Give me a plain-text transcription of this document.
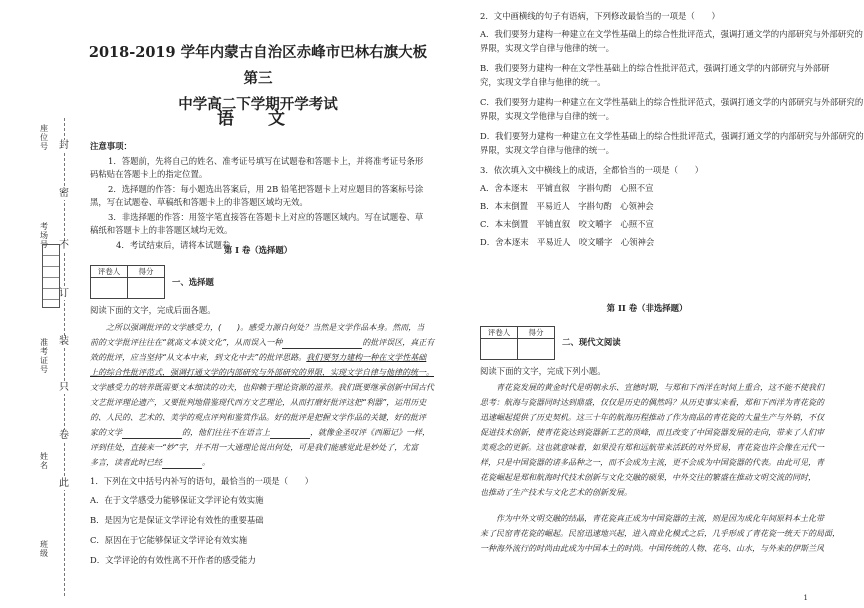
封
密
不
订
装
只
卷
此
座位号
考场号
准考证号
姓名
班级
2018-2019 学年内蒙古自治区赤峰市巴林右旗大板第三
中学高二下学期开学考试
语 文
注意事项：
1．答题前，先将自己的姓名、准考证号填写在试题卷和答题卡上，并将准考证号条形
码粘贴在答题卡上的指定位置。
2．选择题的作答：每小题选出答案后，用 2B 铅笔把答题卡上对应题目的答案标号涂
黑，写在试题卷、草稿纸和答题卡上的非答题区域均无效。
3．非选择题的作答：用签字笔直接答在答题卡上对应的答题区域内。写在试题卷、草
稿纸和答题卡上的非答题区域均无效。
4．考试结束后，请将本试题卷
第 I 卷（选择题）
评卷人	得分

一、选择题
阅读下面的文字，完成后面各题。
之所以强调批评的文学感受力，(　　)。感受力源自何处？当然是文学作品本身。然而，当
前的文学批评往往在“就高文本谈文化”，从而误入一种	的批评误区，真正有
效的批评，应当坚持“从文本中来，到文化中去”的批评思路。我们要努力建构一种在文学性基础
上的综合性批评范式，强调打通文学的内部研究与外部研究的界限，实现文学自律与他律的统一。
文学感受力的培养既需要文本细读的功夫，也仰赖于理论资源的滋养。我们既要继承创新中国古代
文艺批评理论遗产，又要批判地借鉴现代西方文艺理论，从而打磨好批评这把“利器”，运用历史
的、人民的、艺术的、美学的观点评判和鉴赏作品。好的批评是把握文学作品的关键，好的批评
家的文学	的，他们往往不在语言上	，就像金圣叹评《西厢记》一样，
评到佳处，直接来一“妙”字，并不用一大通理论说出何处，可是我们能感觉此是妙处了，尤富
多言，读者此时已经	。
1．下列在文中括号内补写的语句，最恰当的一项是（　　）
A．在于文学感受力能够保证文学评论有效实施
B．是因为它是保证文学评论有效性的重要基础
C．原因在于它能够保证文学评论有效实施
D．文学评论的有效性离不开作者的感受能力
2．文中画横线的句子有语病，下列修改最恰当的一项是（　　）
A．我们要努力建构一种建立在文学性基础上的综合性批评范式，强调打通文学的内部研究与外部研究的
界限，实现文学自律与他律的统一。
B．我们要努力建构一种在文学性基础上的综合性批评范式，强调打通文学的内部研究与外部研
究，实现文学自律与他律的统一。
C．我们要努力建构一种建立在文学性基础上的综合性批评范式，强调打通文学的内部研究与外部研究的
界限，实现文学他律与自律的统一。
D．我们要努力建构一种建立在文学性基础上的综合性批评范式，强调打通文学的内部研究与外部研究的
界限，实现文学自律与他律的统一。
3．依次填入文中横线上的成语，全都恰当的一项是（　　）
A．舍本逐末　平铺直叙　字斟句酌　心照不宣
B．本末倒置　平易近人　字斟句酌　心领神会
C．本末倒置　平铺直叙　咬文嚼字　心照不宣
D．舍本逐末　平易近人　咬文嚼字　心领神会
第 II 卷（非选择题）
评卷人	得分

二、现代文阅读
阅读下面的文字，完成下列小题。
青花瓷发展的黄金时代是明朝永乐、宣德时期，与郑和下西洋在时间上重合，这不能不使我们
思考：航海与瓷器同时达到鼎盛，仅仅是历史的偶然吗？从历史事实来看，郑和下西洋为青花瓷的
迅速崛起提供了历史契机。这三十年的航海历程推动了作为商品的青花瓷的大量生产与外销，不仅
促进技术创新，使青花瓷达到瓷器新工艺的顶峰，而且改变了中国瓷器发展的走向，带来了人们审
美观念的更新。这也就意味着，如果没有郑和远航带来活跃的对外贸易，青花瓷也许会像在元代一
样，只是中国瓷器的诸多品种之一，而不会成为主流，更不会成为中国瓷器的代表。由此可见，青
花瓷崛起是郑和航海时代技术创新与文化交融的硕果，中外交往的繁盛在推动文明交流的同时，
也推动了生产技术与文化艺术的创新发展。
作为中外文明交融的结晶，青花瓷真正成为中国瓷器的主流，则是因为成化年间原料本土化带
来了民窑青花瓷的崛起。民窑迅速地兴起，进入商业化模式之后，几乎形成了青花瓷一统天下的局面，
一种海外流行的时尚由此成为中国本土的时尚。中国传统的人物、花鸟、山水，与外来的伊斯兰风
1
